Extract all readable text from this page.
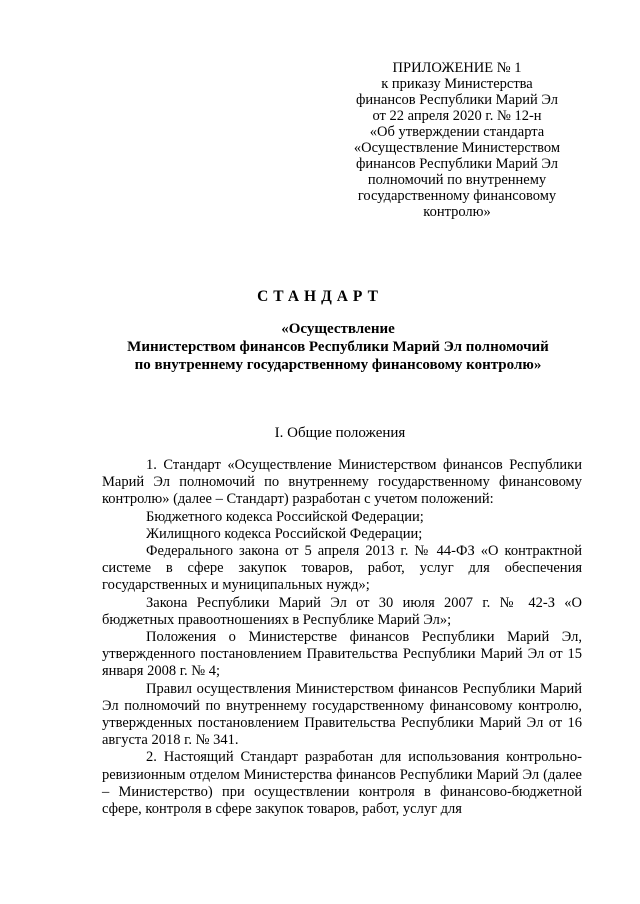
ПРИЛОЖЕНИЕ № 1
к приказу Министерства
финансов Республики Марий Эл
от 22 апреля 2020 г. № 12-н
«Об утверждении стандарта
«Осуществление Министерством
финансов Республики Марий Эл
полномочий по внутреннему
государственному финансовому
контролю»
СТАНДАРТ
«Осуществление
Министерством финансов Республики Марий Эл полномочий
по внутреннему государственному финансовому контролю»
I. Общие положения

1. Стандарт «Осуществление Министерством финансов Республики Марий Эл полномочий по внутреннему государственному финансовому контролю» (далее – Стандарт) разработан с учетом положений:

Бюджетного кодекса Российской Федерации;

Жилищного кодекса Российской Федерации;

Федерального закона от 5 апреля 2013 г. № 44-ФЗ «О контрактной системе в сфере закупок товаров, работ, услуг для обеспечения государственных и муниципальных нужд»;

Закона Республики Марий Эл от 30 июля 2007 г. № 42-З «О бюджетных правоотношениях в Республике Марий Эл»;

Положения о Министерстве финансов Республики Марий Эл, утвержденного постановлением Правительства Республики Марий Эл от 15 января 2008 г. № 4;

Правил осуществления Министерством финансов Республики Марий Эл полномочий по внутреннему государственному финансовому контролю, утвержденных постановлением Правительства Республики Марий Эл от 16 августа 2018 г. № 341.

2. Настоящий Стандарт разработан для использования контрольно-ревизионным отделом Министерства финансов Республики Марий Эл (далее – Министерство) при осуществлении контроля в финансово-бюджетной сфере, контроля в сфере закупок товаров, работ, услуг для
